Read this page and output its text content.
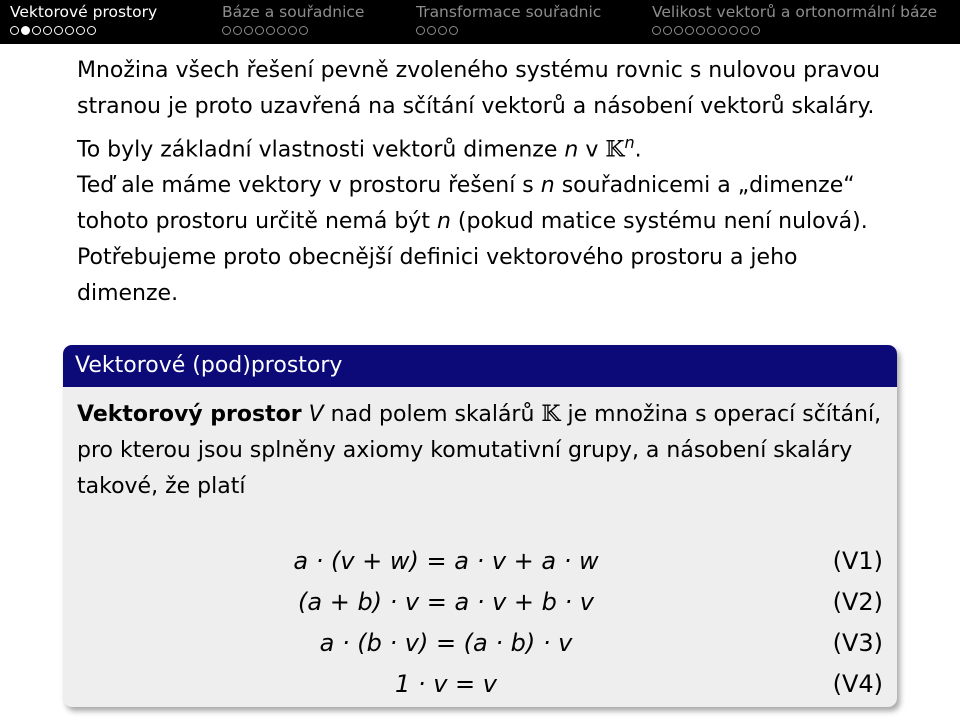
Vektorové prostory	Báze a souřadnice	Transformace souřadnic	Velikost vektorů a ortonormální báze

Množina všech řešení pevně zvoleného systému rovnic s nulovou pravou stranou je proto uzavřená na sčítání vektorů a násobení vektorů skaláry. To byly základní vlastnosti vektorů dimenze n v 𝕂$^n$.

Teď ale máme vektory v prostoru řešení s n souřadnicemi a „dimenze“ tohoto prostoru určitě nemá být n (pokud matice systému není nulová).

Potřebujeme proto obecnější definici vektorového prostoru a jeho dimenze.

Vektorové (pod)prostory
Vektorový prostor V nad polem skalárů 𝕂 je množina s operací sčítání, pro kterou jsou splněny axiomy komutativní grupy, a násobení skaláry takové, že platí
a · (v + w) = a · v + a · w	(V1)
(a + b) · v = a · v + b · v	(V2)
a · (b · v) = (a · b) · v	(V3)
1 · v = v	(V4)
